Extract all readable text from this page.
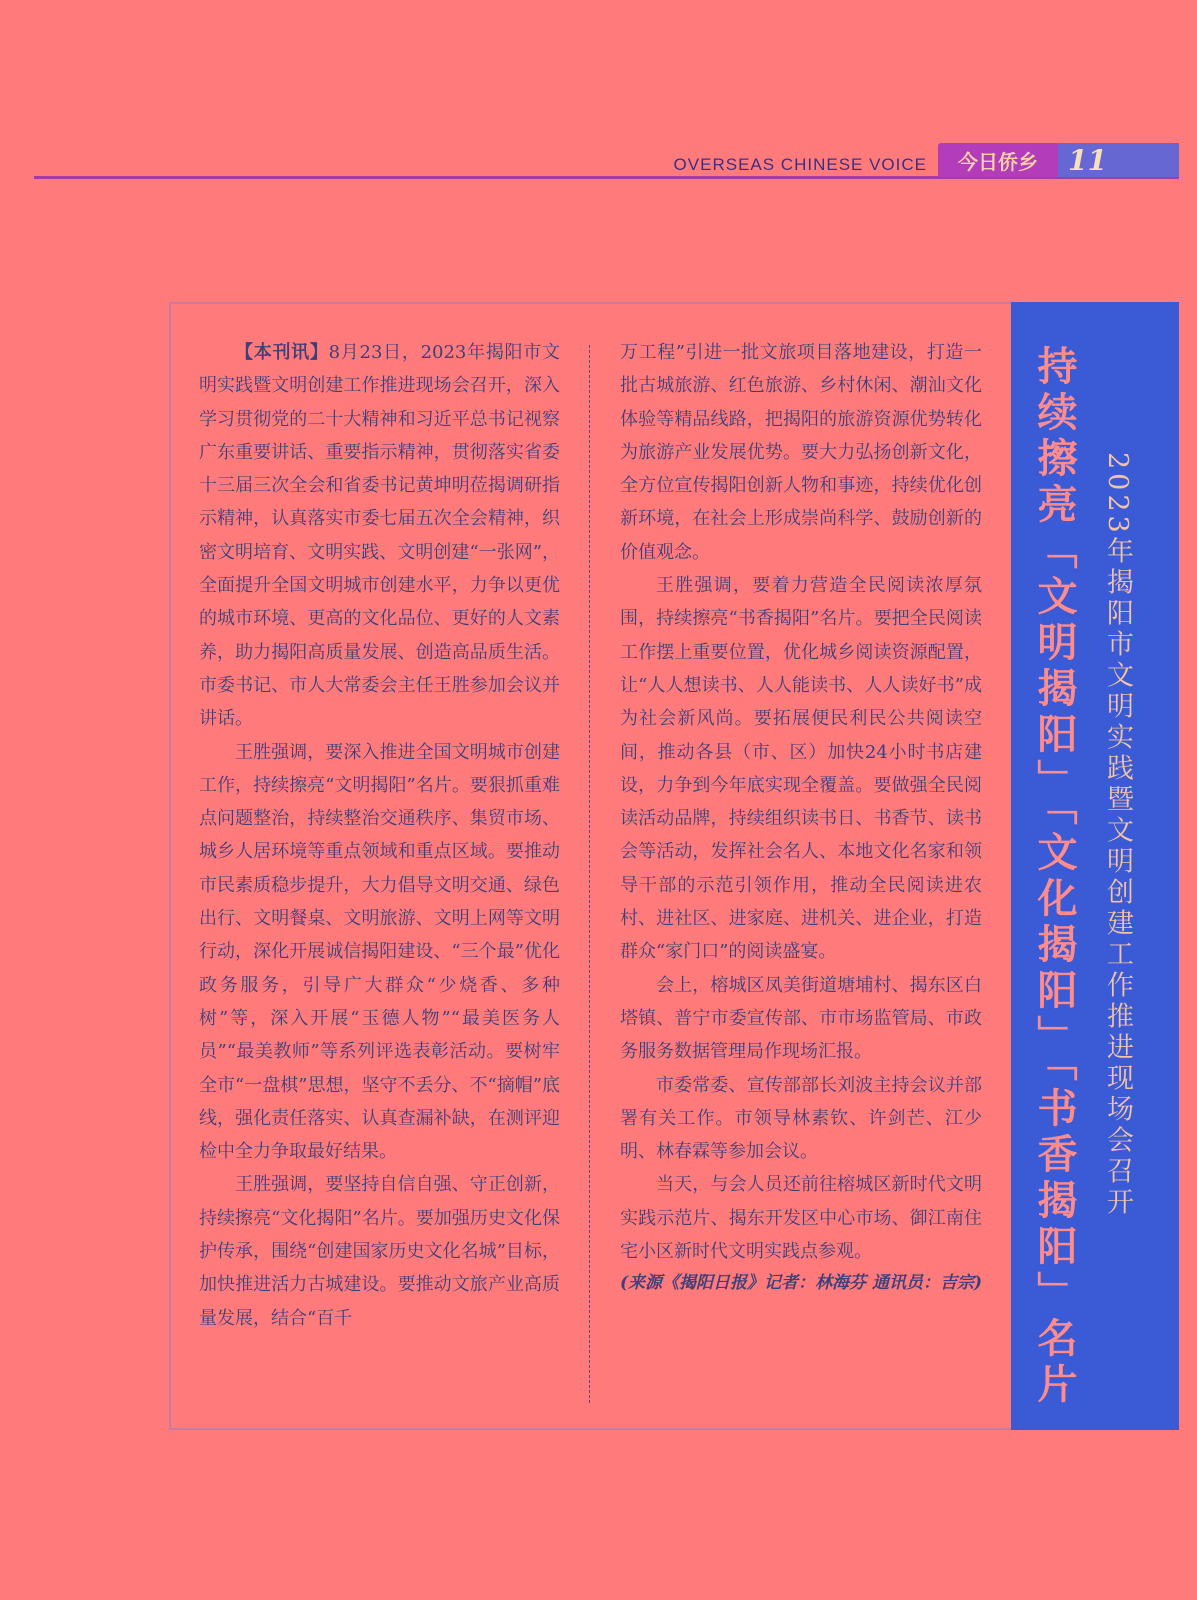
OVERSEAS CHINESE VOICE	今日侨乡	11

【本刊讯】8月23日，2023年揭阳市文明实践暨文明创建工作推进现场会召开，深入学习贯彻党的二十大精神和习近平总书记视察广东重要讲话、重要指示精神，贯彻落实省委十三届三次全会和省委书记黄坤明莅揭调研指示精神，认真落实市委七届五次全会精神，织密文明培育、文明实践、文明创建“一张网”，全面提升全国文明城市创建水平，力争以更优的城市环境、更高的文化品位、更好的人文素养，助力揭阳高质量发展、创造高品质生活。市委书记、市人大常委会主任王胜参加会议并讲话。

王胜强调，要深入推进全国文明城市创建工作，持续擦亮“文明揭阳”名片。要狠抓重难点问题整治，持续整治交通秩序、集贸市场、城乡人居环境等重点领域和重点区域。要推动市民素质稳步提升，大力倡导文明交通、绿色出行、文明餐桌、文明旅游、文明上网等文明行动，深化开展诚信揭阳建设、“三个最”优化政务服务，引导广大群众“少烧香、多种树”等，深入开展“玉德人物”“最美医务人员”“最美教师”等系列评选表彰活动。要树牢全市“一盘棋”思想，坚守不丢分、不“摘帽”底线，强化责任落实、认真查漏补缺，在测评迎检中全力争取最好结果。

王胜强调，要坚持自信自强、守正创新，持续擦亮“文化揭阳”名片。要加强历史文化保护传承，围绕“创建国家历史文化名城”目标，加快推进活力古城建设。要推动文旅产业高质量发展，结合“百千

万工程”引进一批文旅项目落地建设，打造一批古城旅游、红色旅游、乡村休闲、潮汕文化体验等精品线路，把揭阳的旅游资源优势转化为旅游产业发展优势。要大力弘扬创新文化，全方位宣传揭阳创新人物和事迹，持续优化创新环境，在社会上形成崇尚科学、鼓励创新的价值观念。

王胜强调，要着力营造全民阅读浓厚氛围，持续擦亮“书香揭阳”名片。要把全民阅读工作摆上重要位置，优化城乡阅读资源配置，让“人人想读书、人人能读书、人人读好书”成为社会新风尚。要拓展便民利民公共阅读空间，推动各县（市、区）加快24小时书店建设，力争到今年底实现全覆盖。要做强全民阅读活动品牌，持续组织读书日、书香节、读书会等活动，发挥社会名人、本地文化名家和领导干部的示范引领作用，推动全民阅读进农村、进社区、进家庭、进机关、进企业，打造群众“家门口”的阅读盛宴。

会上，榕城区凤美街道塘埔村、揭东区白塔镇、普宁市委宣传部、市市场监管局、市政务服务数据管理局作现场汇报。

市委常委、宣传部部长刘波主持会议并部署有关工作。市领导林素钦、许剑芒、江少明、林春霖等参加会议。

当天，与会人员还前往榕城区新时代文明实践示范片、揭东开发区中心市场、御江南住宅小区新时代文明实践点参观。

(来源《揭阳日报》记者：林海芬 通讯员：吉宗) 持续擦亮「文明揭阳」「文化揭阳」「书香揭阳」名片 2023年揭阳市文明实践暨文明创建工作推进现场会召开
